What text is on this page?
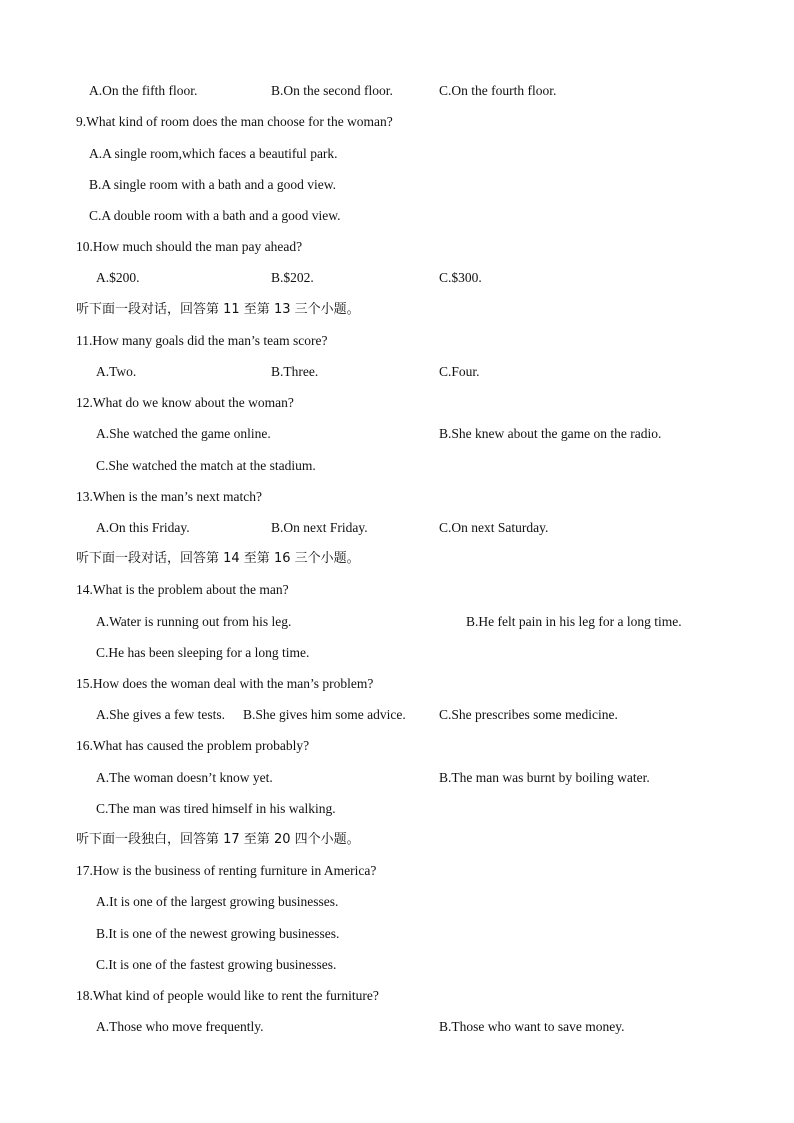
A.On the fifth floor.	B.On the second floor.	C.On the fourth floor.
9.What kind of room does the man choose for the woman?
A.A single room,which faces a beautiful park.
B.A single room with a bath and a good view.
C.A double room with a bath and a good view.
10.How much should the man pay ahead?
A.$200.	B.$202.	C.$300.
听下面一段对话，回答第 11 至第 13 三个小题。
11.How many goals did the man’s team score?
A.Two.	B.Three.	C.Four.
12.What do we know about the woman?
A.She watched the game online.	B.She knew about the game on the radio.
C.She watched the match at the stadium.
13.When is the man’s next match?
A.On this Friday.	B.On next Friday.	C.On next Saturday.
听下面一段对话，回答第 14 至第 16 三个小题。
14.What is the problem about the man?
A.Water is running out from his leg.	B.He felt pain in his leg for a long time.
C.He has been sleeping for a long time.
15.How does the woman deal with the man’s problem?
A.She gives a few tests. B.She gives him some advice. C.She prescribes some medicine.
16.What has caused the problem probably?
A.The woman doesn’t know yet.	B.The man was burnt by boiling water.
C.The man was tired himself in his walking.
听下面一段独白，回答第 17 至第 20 四个小题。
17.How is the business of renting furniture in America?
A.It is one of the largest growing businesses.
B.It is one of the newest growing businesses.
C.It is one of the fastest growing businesses.
18.What kind of people would like to rent the furniture?
A.Those who move frequently.	B.Those who want to save money.
